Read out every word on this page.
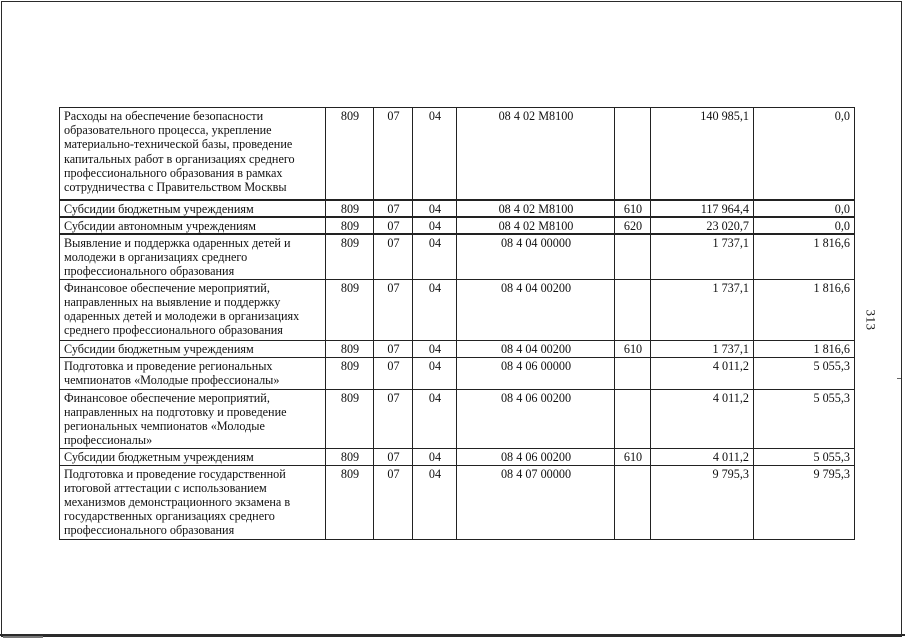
313
Расходы на обеспечение безопасности образовательного процесса, укрепление материально-технической базы, проведение капитальных работ в организациях среднего профессионального образования в рамках сотрудничества с Правительством Москвы	809	07	04	08 4 02 M8100		140 985,1	0,0
Субсидии бюджетным учреждениям	809	07	04	08 4 02 M8100	610	117 964,4	0,0
Субсидии автономным учреждениям	809	07	04	08 4 02 M8100	620	23 020,7	0,0
Выявление и поддержка одаренных детей и молодежи в организациях среднего профессионального образования	809	07	04	08 4 04 00000		1 737,1	1 816,6
Финансовое обеспечение мероприятий, направленных на выявление и поддержку одаренных детей и молодежи в организациях среднего профессионального образования	809	07	04	08 4 04 00200		1 737,1	1 816,6
Субсидии бюджетным учреждениям	809	07	04	08 4 04 00200	610	1 737,1	1 816,6
Подготовка и проведение региональных чемпионатов «Молодые профессионалы»	809	07	04	08 4 06 00000		4 011,2	5 055,3
Финансовое обеспечение мероприятий, направленных на подготовку и проведение региональных чемпионатов «Молодые профессионалы»	809	07	04	08 4 06 00200		4 011,2	5 055,3
Субсидии бюджетным учреждениям	809	07	04	08 4 06 00200	610	4 011,2	5 055,3
Подготовка и проведение государственной итоговой аттестации с использованием механизмов демонстрационного экзамена в государственных организациях среднего профессионального образования	809	07	04	08 4 07 00000		9 795,3	9 795,3
